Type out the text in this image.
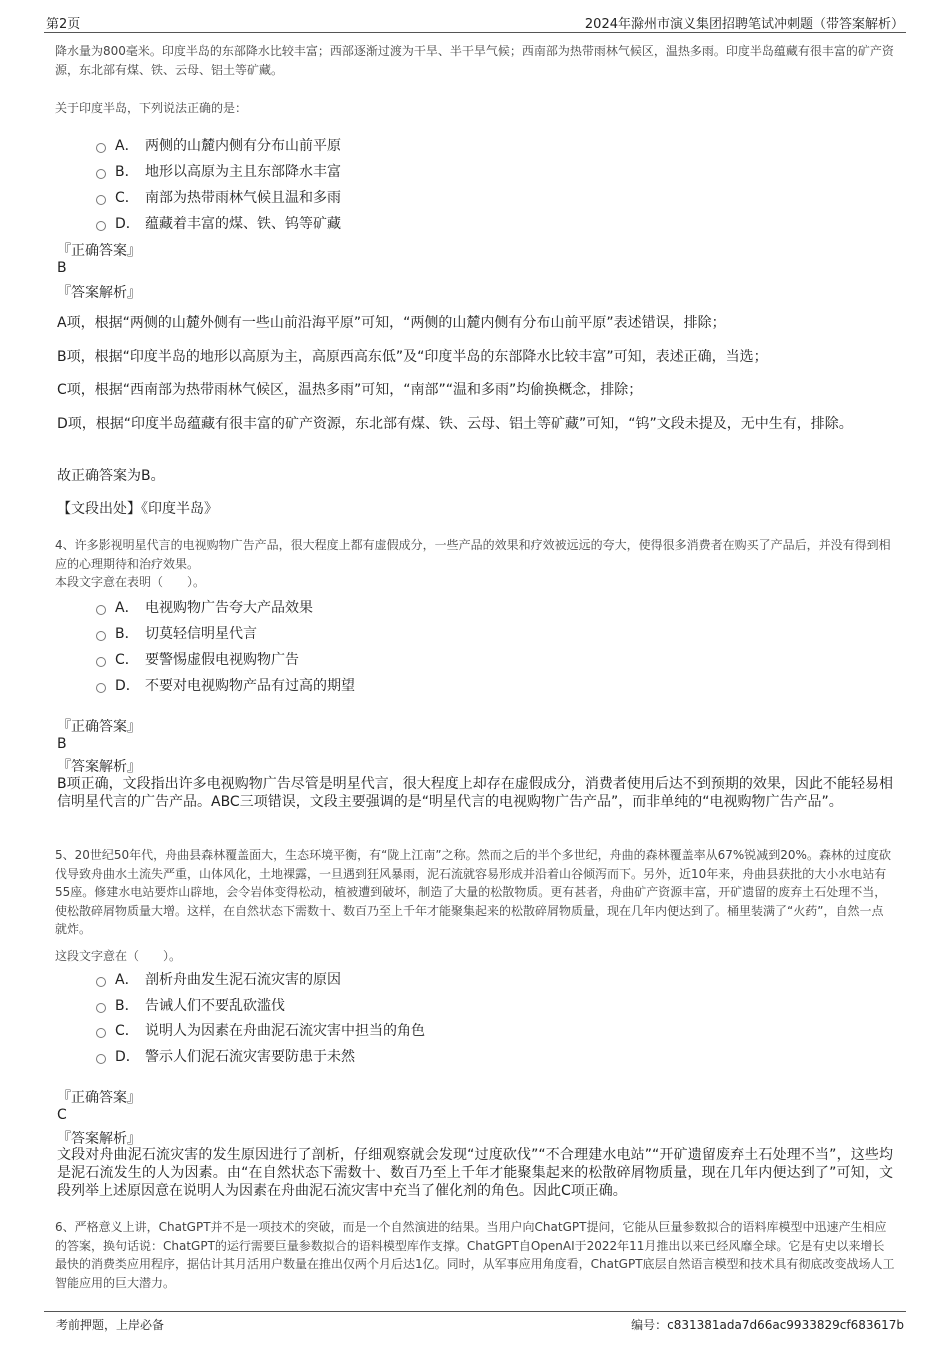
第2页	2024年滁州市演义集团招聘笔试冲刺题（带答案解析）
降水量为800毫米。印度半岛的东部降水比较丰富；西部逐渐过渡为干旱、半干旱气候；西南部为热带雨林气候区，温热多雨。印度半岛蕴藏有很丰富的矿产资源，东北部有煤、铁、云母、铝土等矿藏。
关于印度半岛，下列说法正确的是：
A． 两侧的山麓内侧有分布山前平原
B． 地形以高原为主且东部降水丰富
C． 南部为热带雨林气候且温和多雨
D． 蕴藏着丰富的煤、铁、钨等矿藏
『正确答案』
B
『答案解析』
A项，根据“两侧的山麓外侧有一些山前沿海平原”可知，“两侧的山麓内侧有分布山前平原”表述错误，排除；
B项，根据“印度半岛的地形以高原为主，高原西高东低”及“印度半岛的东部降水比较丰富”可知，表述正确，当选；
C项，根据“西南部为热带雨林气候区，温热多雨”可知，“南部”“温和多雨”均偷换概念，排除；
D项，根据“印度半岛蕴藏有很丰富的矿产资源，东北部有煤、铁、云母、铝土等矿藏”可知，“钨”文段未提及，无中生有，排除。
故正确答案为B。
【文段出处】《印度半岛》
4、许多影视明星代言的电视购物广告产品，很大程度上都有虚假成分，一些产品的效果和疗效被远远的夸大，使得很多消费者在购买了产品后，并没有得到相应的心理期待和治疗效果。
本段文字意在表明（　　）。
A． 电视购物广告夸大产品效果
B． 切莫轻信明星代言
C． 要警惕虚假电视购物广告
D． 不要对电视购物产品有过高的期望
『正确答案』
B
『答案解析』
B项正确，文段指出许多电视购物广告尽管是明星代言，很大程度上却存在虚假成分，消费者使用后达不到预期的效果，因此不能轻易相信明星代言的广告产品。ABC三项错误，文段主要强调的是“明星代言的电视购物广告产品”，而非单纯的“电视购物广告产品”。
5、20世纪50年代，舟曲县森林覆盖面大，生态环境平衡，有“陇上江南”之称。然而之后的半个多世纪，舟曲的森林覆盖率从67%锐减到20%。森林的过度砍伐导致舟曲水土流失严重，山体风化，土地裸露，一旦遇到狂风暴雨，泥石流就容易形成并沿着山谷倾泻而下。另外，近10年来，舟曲县获批的大小水电站有55座。修建水电站要炸山辟地，会令岩体变得松动，植被遭到破坏，制造了大量的松散物质。更有甚者，舟曲矿产资源丰富，开矿遗留的废弃土石处理不当，使松散碎屑物质量大增。这样，在自然状态下需数十、数百乃至上千年才能聚集起来的松散碎屑物质量，现在几年内便达到了。桶里装满了“火药”，自然一点就炸。
这段文字意在（　　）。
A． 剖析舟曲发生泥石流灾害的原因
B． 告诫人们不要乱砍滥伐
C． 说明人为因素在舟曲泥石流灾害中担当的角色
D． 警示人们泥石流灾害要防患于未然
『正确答案』
C
『答案解析』
文段对舟曲泥石流灾害的发生原因进行了剖析，仔细观察就会发现“过度砍伐”“不合理建水电站”“开矿遗留废弃土石处理不当”，这些均是泥石流发生的人为因素。由“在自然状态下需数十、数百乃至上千年才能聚集起来的松散碎屑物质量，现在几年内便达到了”可知，文段列举上述原因意在说明人为因素在舟曲泥石流灾害中充当了催化剂的角色。因此C项正确。
6、严格意义上讲，ChatGPT并不是一项技术的突破，而是一个自然演进的结果。当用户向ChatGPT提问，它能从巨量参数拟合的语料库模型中迅速产生相应的答案，换句话说：ChatGPT的运行需要巨量参数拟合的语料模型库作支撑。ChatGPT自OpenAI于2022年11月推出以来已经风靡全球。它是有史以来增长最快的消费类应用程序，据估计其月活用户数量在推出仅两个月后达1亿。同时，从军事应用角度看，ChatGPT底层自然语言模型和技术具有彻底改变战场人工智能应用的巨大潜力。
考前押题，上岸必备	编号：c831381ada7d66ac9933829cf683617b
